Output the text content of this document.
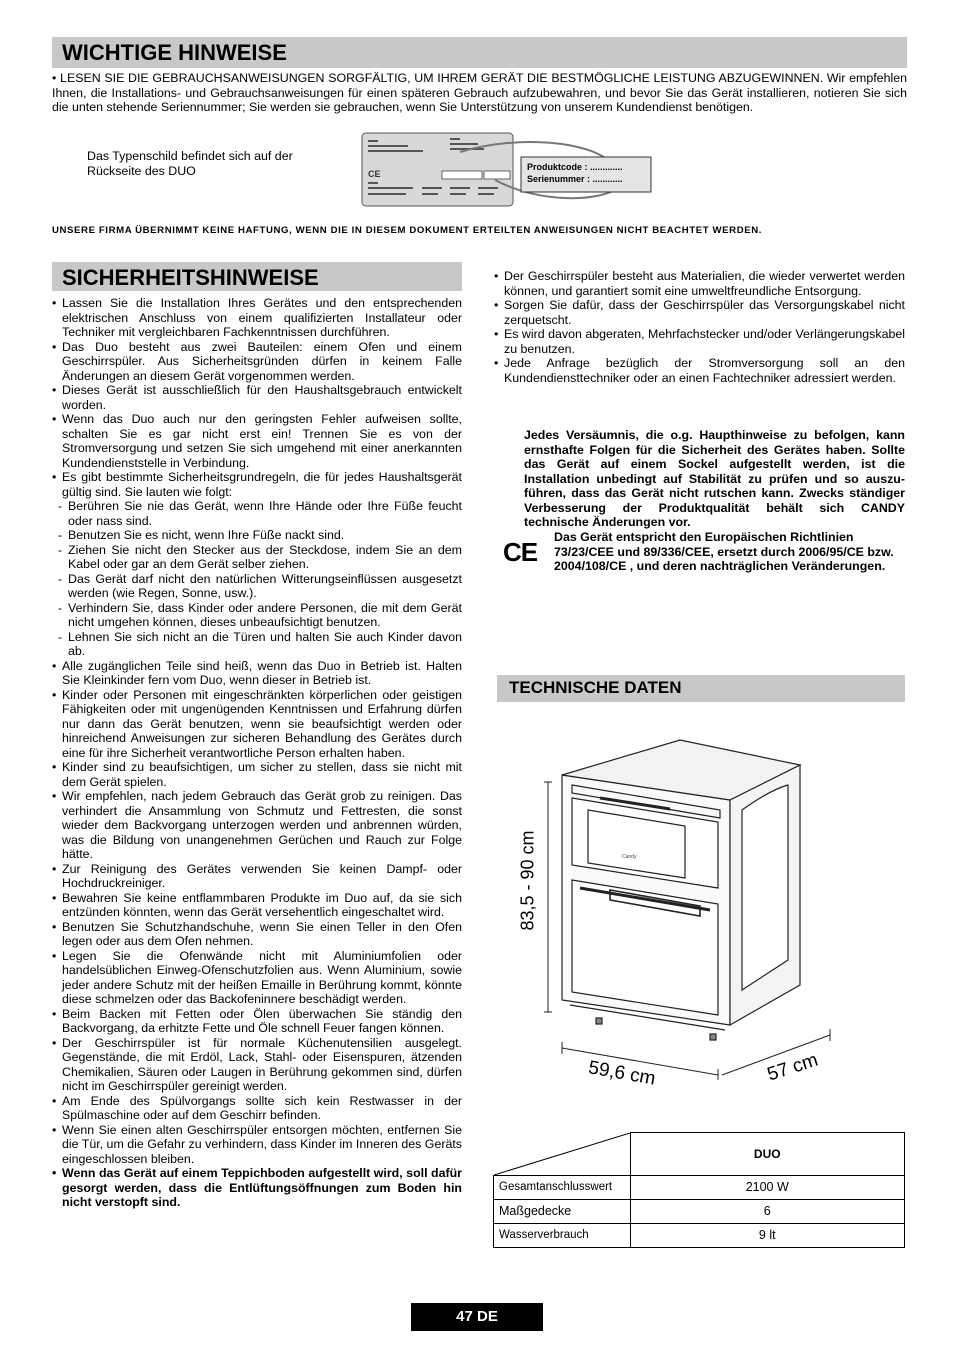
WICHTIGE HINWEISE
• LESEN SIE DIE GEBRAUCHSANWEISUNGEN SORGFÄLTIG, UM IHREM GERÄT DIE BESTMÖGLICHE LEISTUNG ABZUGEWINNEN. Wir empfehlen Ihnen, die Installations- und Gebrauchsanweisungen für einen späteren Gebrauch aufzubewahren, und bevor Sie das Gerät installieren, notieren Sie sich die unten stehende Seriennummer; Sie werden sie gebrauchen, wenn Sie Unterstützung von unserem Kundendienst benötigen.
Das Typenschild befindet sich auf der Rückseite des DUO	CE
Produktcode : .............
Serienummer : ............
UNSERE FIRMA ÜBERNIMMT KEINE HAFTUNG, WENN DIE IN DIESEM DOKUMENT ERTEILTEN ANWEISUNGEN NICHT BEACHTET WERDEN.
SICHERHEITSHINWEISE
• Lassen Sie die Installation Ihres Gerätes und den entsprechenden elektrischen Anschluss von einem qualifizierten Installateur oder Techniker mit vergleichbaren Fachkenntnissen durchführen.
• Das Duo besteht aus zwei Bauteilen: einem Ofen und einem Geschirrspüler. Aus Sicherheitsgründen dürfen in keinem Falle Änderungen an diesem Gerät vorgenommen werden.
• Dieses Gerät ist ausschließlich für den Haushaltsgebrauch entwickelt worden.
• Wenn das Duo auch nur den geringsten Fehler aufweisen sollte, schalten Sie es gar nicht erst ein! Trennen Sie es von der Stromversorgung und setzen Sie sich umgehend mit einer anerkannten Kundendienststelle in Verbindung.
• Es gibt bestimmte Sicherheitsgrundregeln, die für jedes Haushaltsgerät gültig sind. Sie lauten wie folgt:
- Berühren Sie nie das Gerät, wenn Ihre Hände oder Ihre Füße feucht oder nass sind.
- Benutzen Sie es nicht, wenn Ihre Füße nackt sind.
- Ziehen Sie nicht den Stecker aus der Steckdose, indem Sie an dem Kabel oder gar an dem Gerät selber ziehen.
- Das Gerät darf nicht den natürlichen Witterungseinflüssen ausgesetzt werden (wie Regen, Sonne, usw.).
- Verhindern Sie, dass Kinder oder andere Personen, die mit dem Gerät nicht umgehen können, dieses unbeaufsichtigt benutzen.
- Lehnen Sie sich nicht an die Türen und halten Sie auch Kinder davon ab.
• Alle zugänglichen Teile sind heiß, wenn das Duo in Betrieb ist. Halten Sie Kleinkinder fern vom Duo, wenn dieser in Betrieb ist.
• Kinder oder Personen mit eingeschränkten körperlichen oder geistigen Fähigkeiten oder mit ungenügenden Kenntnissen und Erfahrung dürfen nur dann das Gerät benutzen, wenn sie beaufsichtigt werden oder hinreichend Anweisungen zur sicheren Behandlung des Gerätes durch eine für ihre Sicherheit verantwortliche Person erhalten haben.
• Kinder sind zu beaufsichtigen, um sicher zu stellen, dass sie nicht mit dem Gerät spielen.
• Wir empfehlen, nach jedem Gebrauch das Gerät grob zu reinigen. Das verhindert die Ansammlung von Schmutz und Fettresten, die sonst wieder dem Backvorgang unterzogen werden und anbrennen würden, was die Bildung von unangenehmen Gerüchen und Rauch zur Folge hätte.
• Zur Reinigung des Gerätes verwenden Sie keinen Dampf- oder Hochdruckreiniger.
• Bewahren Sie keine entflammbaren Produkte im Duo auf, da sie sich entzünden könnten, wenn das Gerät versehentlich eingeschaltet wird.
• Benutzen Sie Schutzhandschuhe, wenn Sie einen Teller in den Ofen legen oder aus dem Ofen nehmen.
• Legen Sie die Ofenwände nicht mit Aluminiumfolien oder handelsüblichen Einweg-Ofenschutzfolien aus. Wenn Aluminium, sowie jeder andere Schutz mit der heißen Emaille in Berührung kommt, könnte diese schmelzen oder das Backofeninnere beschädigt werden.
• Beim Backen mit Fetten oder Ölen überwachen Sie ständig den Backvorgang, da erhitzte Fette und Öle schnell Feuer fangen können.
• Der Geschirrspüler ist für normale Küchenutensilien ausgelegt. Gegenstände, die mit Erdöl, Lack, Stahl- oder Eisenspuren, ätzenden Chemikalien, Säuren oder Laugen in Berührung gekommen sind, dürfen nicht im Geschirrspüler gereinigt werden.
• Am Ende des Spülvorgangs sollte sich kein Restwasser in der Spülmaschine oder auf dem Geschirr befinden.
• Wenn Sie einen alten Geschirrspüler entsorgen möchten, entfernen Sie die Tür, um die Gefahr zu verhindern, dass Kinder im Inneren des Geräts eingeschlossen bleiben.
• Wenn das Gerät auf einem Teppichboden aufgestellt wird, soll dafür gesorgt werden, dass die Entlüftungsöffnungen zum Boden hin nicht verstopft sind.
• Der Geschirrspüler besteht aus Materialien, die wieder verwertet werden können, und garantiert somit eine umweltfreundliche Entsorgung.
• Sorgen Sie dafür, dass der Geschirrspüler das Versorgungskabel nicht zerquetscht.
• Es wird davon abgeraten, Mehrfachstecker und/oder Verlängerungskabel zu benutzen.
• Jede Anfrage bezüglich der Stromversorgung soll an den Kundendiensttechniker oder an einen Fachtechniker adressiert werden.
Jedes Versäumnis, die o.g. Haupthinweise zu befolgen, kann ernsthafte Folgen für die Sicherheit des Gerätes haben. Sollte das Gerät auf einem Sockel aufgestellt werden, ist die Installation unbedingt auf Stabilität zu prüfen und so auszu- führen, dass das Gerät nicht rutschen kann. Zwecks ständiger Verbesserung der Produktqualität behält sich CANDY technische Änderungen vor.
CE Das Gerät entspricht den Europäischen Richtlinien 73/23/CEE und 89/336/CEE, ersetzt durch 2006/95/CE bzw. 2004/108/CE , und deren nachträglichen Veränderungen.
TECHNISCHE DATEN
Candy
83,5 - 90 cm
59,6 cm	57 cm
	DUO
Gesamtanschlusswert	2100 W
Maßgedecke	6
Wasserverbrauch	9 lt
47 DE
